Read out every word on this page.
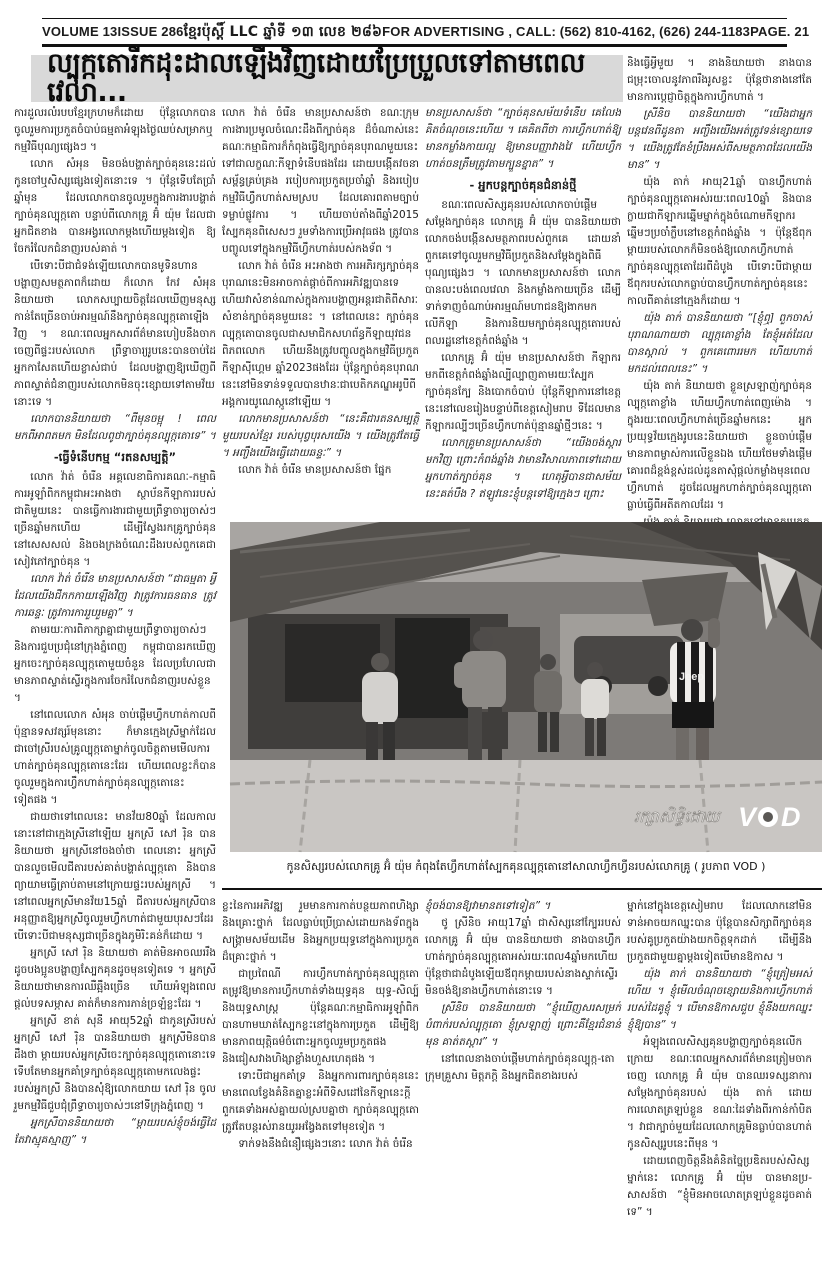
VOLUME 13 ISSUE 286 ខ្មែរប៉ុស្តិ៍ LLC ឆ្នាំទី ១៣ លេខ ២៨៦ FOR ADVERTISING , CALL: (562) 810-4162, (626) 244-1183 PAGE. 21
ល្បុក្កតោរីកដុះដាលឡើងវិញដោយប្រែប្រួលទៅតាមពេលវេលា...

ការដួលរលំរបបខ្មែរក្រហមក៏ដោយ ប៉ុន្តែលោកបានចូលរួមការប្រកួតចំបាប់ធម្មតាអំឡុងថ្ងៃឈប់សម្រាកឬកម្មវិធីបុណ្យផ្សេងៗ ។

លោក សំអុន មិនចង់បង្ហាត់ក្បាច់គុននេះដល់កូនចៅឬសិស្សផ្សេងទៀតនោះទេ ។ ប៉ុន្តែទើបតែប្រាំឆ្នាំមុន ដែលលោកបានចូលរួមក្នុងការងារបង្ហាត់ក្បាច់គុនល្បុក្កតោ បន្ទាប់ពីលោកគ្រូ អ៊ំ យ៉ុម ដែលជាអ្នកជិតខាង បានអង្វរលោកម្ដងហើយម្ដងទៀត ឱ្យចែករំលែកជំនាញរបស់គាត់ ។

បើទោះបីជាជំទង់ឡើយលោកបានមូទិនហានបង្ហាញសមត្ថភាពក៏ដោយ ក៏លោក កែវ សំអុន និយាយថា លោកសប្បាយចិត្តដែលឃើញមនុស្សកាន់តែច្រើនចាប់អារម្មណ៍នឹងក្បាច់គុនល្បុក្កតោឡើងវិញ ។ ខណៈពេលអ្នកសារព័ត៌មានហៀបនឹងចាកចេញពីផ្ទះរបស់លោក ព្រឹទ្ធាចារ្យរូបនេះបានចាប់ដៃអ្នកកាសែតហើយខ្លាស់ជាប់ ដែលបង្ហាញឱ្យឃើញពីភាពស្ទាត់ជំនាញរបស់លោកមិនចុះខ្សោយទៅតាមវ័យនោះទេ ។

លោកបាននិយាយថា “ពីមុនចម្អុ ! ពេលមកពីអាពតមក មិនដែលពូថាក្បាច់គុនល្បុក្កតោទេ” ។

-ធ្វើទំនើបកម្ម “រតនសម្បត្តិ”

លោក វ៉ាត់ ចំរើន អគ្គលេខាធិការគណៈ-កម្មាធិការអូឡាំពិកកម្ពុជាអះអាងថា ស្ថាប័នកីឡាការរបស់ជាតិមួយនេះ បានធ្វើការងារជាមួយព្រឹទ្ធាចារ្យចាស់ៗច្រើនឆ្នាំមកហើយ ដើម្បីស្វែងរកគ្រូក្បាច់គុននៅសេសសល់ និងចងក្រងចំណេះដឹងរបស់ពួកគេជាសៀវភៅក្បាច់គុន ។

លោក វ៉ាត់ ចំរើន មានប្រសាសន៍ថា “ជាធម្មតា អ្វីដែលយើងជីកកកាយឡើងវិញ វាត្រូវការធនធាន ត្រូវការឆន្ទៈ ត្រូវការការរួបរួមគ្នា” ។

តាមរយៈការពិភាក្សាគ្នាជាមួយព្រឹទ្ធាចារ្យចាស់ៗ និងការជួបប្រជុំនៅក្រុងភ្នំពេញ កម្ពុជាបានរកឃើញអ្នកចេះក្បាច់គុនល្បុក្កតោមួយចំនួន ដែលប្រហែលជាមានភាពស្ទាត់ស្ទើរក្នុងការចែករំលែកជំនាញរបស់ខ្លួន ។

នៅពេលលោក សំអុន ចាប់ផ្ដើមហ្វឹកហាត់កាលពីប៉ុន្មានទសវត្សរ៍មុននោះ ក៏មានក្មេងស្រីម្នាក់ដែលជាចៅស្រីរបស់គ្រូល្បុក្កតោម្នាក់ចូលចិត្តតាមមើលការហាត់ក្បាច់គុនល្បុក្កតោនេះដែរ ហើយពេលខ្លះក៏បានចូលរួមក្នុងការហ្វឹកហាត់ក្បាច់គុនល្បុក្កតោនេះទៀតផង ។

ជាយថាទៅពេលនេះ មានវ័យ80ឆ្នាំ ដែលកាលនោះនៅជាក្មេងស្រីនៅឡើយ អ្នកស្រី សៅ រ៉ិន បាននិយាយថា អ្នកស្រីនៅចងចាំថា ពេលនោះ អ្នកស្រីបានលួចមើលជីតារបស់គាត់បង្ហាត់ល្បុក្កតោ និងបានព្យាយាមធ្វើត្រាប់តាមនៅក្រោយផ្ទះរបស់អ្នកស្រី ។ នៅពេលអ្នកស្រីមានវ័យ15ឆ្នាំ ជីតារបស់អ្នកស្រីបានអនុញ្ញាតឱ្យអ្នកស្រីចូលរួមហ្វឹកហាត់ជាមួយបុរសៗដែរ បើទោះបីជាមនុស្សជាច្រើនក្នុងភូមិរិះគន់ក៏ដោយ ។

អ្នកស្រី សៅ រ៉ិន និយាយថា គាត់មិនអាចឈររឹងដូចបងប្អូនបង្ហាញស្បែកគុនដូចមុនទៀតទេ ។ អ្នកស្រីនិយាយថាមានការឈឺឆ្អឹងច្រើន ហើយអំឡុងពេលផ្ដល់បទសម្ភាស គាត់ក៏មានការភាន់ច្រឡំខ្លះដែរ ។

អ្នកស្រី ខាត់ សុនី អាយុ52ឆ្នាំ ជាកូនស្រីរបស់អ្នកស្រី សៅ រ៉ិន បាននិយាយថា អ្នកស្រីមិនបានដឹងថា ម្ដាយរបស់អ្នកស្រីចេះក្បាច់គុនល្បុក្កតោនោះទេ ទើបតែមានអ្នកគាំទ្រក្បាច់គុនល្បុក្កតោមកលេងផ្ទះរបស់អ្នកស្រី និងបានសុំឱ្យលោកយាយ សៅ រ៉ិន ចូលរួមកម្មវិធីជួបជុំព្រឹទ្ធាចារ្យចាស់ៗនៅទីក្រុងភ្នំពេញ ។

អ្នកស្រីបាននិយាយថា “ម្ដាយរបស់ខ្ញុំចង់ធ្វើដៃ តែវាស្មុគស្មាញ” ។

លោក វ៉ាត់ ចំរើន មានប្រសាសន៍ថា ខណៈក្រុមការងារប្រមូលចំណេះដឹងពីក្បាច់គុន ដ៏ចំណាស់នេះ គណៈកម្មាធិការក៏កំពុងធ្វើឱ្យក្បាច់គុនបុរាណមួយនេះទៅជាលក្ខណៈកីឡាទំនើបផងដែរ ដោយបង្កើតវចនាសម្ព័ន្ធគ្រប់គ្រង របៀបការប្រកួតប្រចាំឆ្នាំ និងរបៀបកម្មវិធីហ្វឹកហាត់សមស្រប ដែលគោរពតាមច្បាប់ទម្លាប់ផ្លូវការ ។ ហើយចាប់តាំងពីឆ្នាំ2015 ស្បែកគុនពិសេសៗ រួមទាំងការប្រើអាវុធផង ត្រូវបានបញ្ចូលទៅក្នុងកម្មវិធីហ្វឹកហាត់របស់កងទ័ព ។

លោក វ៉ាត់ ចំរើន អះអាងថា ការអភិរក្សក្បាច់គុនបុរាណនេះមិនអាចកាត់ផ្ដាច់ពីការអភិវឌ្ឍបានទេ ហើយវាសំខាន់ណាស់ក្នុងការបង្ហាញអន្តរជាតិពីសារៈសំខាន់ក្បាច់គុនមួយនេះ ។ នៅពេលនេះ ក្បាច់គុនល្បុក្កតោបានចូលជាសមាជិកសហព័ន្ធកីឡាយុវជនពិភពលោក ហើយនឹងត្រូវបញ្ចូលក្នុងកម្មវិធីប្រកួតកីឡាស៊ីហ្គេម ឆ្នាំ2023ផងដែរ ប៉ុន្តែក្បាច់គុនបុរាណនេះនៅមិនទាន់ទទួលបានឋានៈជាបេតិកភណ្ឌអរូបីពីអង្គការយូណេស្កូនៅឡើយ ។

លោកមានប្រសាសន៍ថា “នេះគឺជារតនសម្បត្តិមួយរបស់ខ្មែរ របស់បុព្វបុរសយើង ។ យើងត្រូវតែធ្វើ ។ អញ្ចឹងយើងធ្វើដោយឆន្ទៈ” ។

លោក វ៉ាត់ ចំរើន មានប្រសាសន៍ថា ផ្នែក

មានប្រសាសន៍ថា “ក្បាច់គុនសម័យទំនើប គេលែងគិតចំណុចនេះហើយ ។ គេគិតពីថា ការហ្វឹកហាត់ឱ្យមានកម្លាំងកាយល្អ ឱ្យមានបញ្ញាវាងវៃ ហើយហ្វឹកហាត់ចនត្រឹមត្រូវតាមក្បួនខ្នាត” ។

- អ្នកបន្តក្បាច់គុនជំនាន់ថ្មី

ខណៈពេលសិស្សគុនរបស់លោកចាប់ផ្ដើមសម្ដែងក្បាច់គុន លោកគ្រូ អ៊ំ យ៉ុម បាននិយាយថា លោកចង់បង្កើនសមត្ថភាពរបស់ពួកគេ ដោយនាំពួកគេទៅចូលរួមកម្មវិធីប្រកួតនិងសម្ដែងក្នុងពិធីបុណ្យផ្សេងៗ ។ លោកមានប្រសាសន៍ថា លោកបានលះបង់ពេលវេលា និងកម្លាំងកាយច្រើន ដើម្បីទាក់ទាញចំណាប់អារម្មណ៍មហាជនឱ្យងាកមកលើកីឡា និងការនិយមក្បាច់គុនល្បុក្កតោរបស់ពលរដ្ឋនៅខេត្តកំពង់ឆ្នាំង ។

លោកគ្រូ អ៊ំ យ៉ុម មានប្រសាសន៍ថា កីឡាករមកពីខេត្តកំពង់ឆ្នាំងល្បីល្បាញតាមរយៈស្បែកក្បាច់គុនក្បែ និងបោកចំបាប់ ប៉ុន្តែកីឡាការនៅខេត្តនេះនៅលេខរៀងបន្ទាប់ពីខេត្តសៀមរាប ទីដែលមានកីឡាករល្បីៗច្រើនហ្វឹកហាត់ប៉ុន្មានឆ្នាំថ្មីៗនេះ ។

លោកគ្រូមានប្រសាសន៍ថា “យើងចង់ស្ដារមកវិញ ព្រោះកំពង់ឆ្នាំង វាមានវិសាលភាពទៅដោយអ្នកហាត់ក្បាច់គុន ។ ហេតុអ្វីបានជាសម័យនេះគត់បឹង ? ឥឡូវនេះខ្ញុំបន្តទៅឱ្យក្មេងៗ ព្រោះ

និងធ្វើអ្វីមួយ ។ នាងនិយាយថា នាងបានជម្រុះចោលនូវភាពរឹងរូសខ្លះ ប៉ុន្តែថានាងនៅតែមានការប្ដេជ្ញាចិត្តក្នុងការហ្វឹកហាត់ ។

ស្រីនិច បាននិយាយថា “យើងជាអ្នកបន្តវេនពីដូនតា អញ្ចឹងយើងអត់ត្រូវទន់ខ្សោយទេ ។ យើងត្រូវតែខំប្រឹងអស់ពីសមត្ថភាពដែលយើងមាន” ។

យ៉ុង តាក់ អាយុ21ឆ្នាំ បានហ្វឹកហាត់ក្បាច់គុនល្បុក្កតោអស់រយៈពេល10ឆ្នាំ និងបានក្លាយជាកីឡាករឆ្នើមម្នាក់ក្នុងចំណោមកីឡាករឆ្នើមៗប្រចាំក្លឹបនៅខេត្តកំពង់ឆ្នាំង ។ ប៉ុន្តែឪពុកម្ដាយរបស់លោកក៏មិនចង់ឱ្យលោកហ្វឹកហាត់ក្បាច់គុនល្បុក្កតោដែរពីដំបូង បើទោះបីជាម្ដាយឪពុករបស់លោកធ្លាប់បានហ្វឹកហាត់ក្បាច់គុននេះកាលពីគាត់នៅក្មេងក៏ដោយ ។

យ៉ុង តាក់ បាននិយាយថា “[ខ្ញុំឮ] ពួកចាស់បុរាណណាយថា ល្បុក្កតោខ្លាំង តែខ្ញុំអត់ដែលបានស្គាល់ ។ ពួកគេពោររមក ហើយហាត់មកដល់ពេលនេះ” ។

យ៉ុង តាក់ និយាយថា ខ្លួនស្រឡាញ់ក្បាច់គុនល្បុក្កតោខ្លាំង ហើយហ្វឹកហាត់ពេញម៉ោង ។ ក្នុងរយៈពេលហ្វឹកហាត់ច្រើនឆ្នាំមកនេះ អ្នកប្រយុទ្ធវ័យក្មេងរូបនេះនិយាយថា ខ្លួនចាប់ផ្ដើមមានភាពម្ចាស់ការលើខ្លួនឯង ហើយថែមទាំងផ្ដើមគោរពដ៏ខ្ពង់ខ្ពស់ដល់ដូនតាសុំផ្ដល់កម្លាំងមុនពេលហ្វឹកហាត់ ដូចដែលអ្នកហាត់ក្បាច់គុនល្បុក្កតោធ្លាប់ធ្វើពីអតីតកាលដែរ ។

Jeep
រក្សាសិទ្ធិដោយ V D
កូនសិស្សរបស់លោកគ្រូ អ៊ំ យ៉ុម កំពុងតែហ្វឹកហាត់ស្បែកគុនល្បុក្កតោនៅសាលាហ្វឹកហ្វឺនរបស់លោកគ្រូ ( រូបភាព VOD )

ខ្លះនៃការអភិវឌ្ឍ រួមមានការកាត់បន្ថយភាពហិង្សា និងគ្រោះថ្នាក់ ដែលធ្លាប់ប្រើប្រាស់ដោយកងទ័ពក្នុងសង្គ្រាមសម័យដើម និងអ្នកប្រយុទ្ធនៅក្នុងការប្រកួតដ៏គ្រោះថ្នាក់ ។

ជាប្រពៃណី ការហ្វឹកហាត់ក្បាច់គុនល្បុក្កតោតម្រូវឱ្យមានការហ្វឹកហាត់ទាំងយុទ្ធគុន យុទ្ធ-សិល្ប៍ និងយុទ្ធសាស្ត្រ ប៉ុន្តែគណៈកម្មាធិការអូឡាំពិក បានហាមឃាត់ស្បែកខ្លះនៅក្នុងការប្រកួត ដើម្បីឱ្យមានភាពយុត្តិធម៌ចំពោះអ្នកចូលរួមប្រកួតផងនិងជៀសវាងហិង្សាខ្លាំងហួសហេតុផង ។

ទោះបីជាអ្នកគាំទ្រ និងអ្នកការពារក្បាច់គុននេះមានពេលខ្វែងគំនិតគ្នាខ្លះអំពីទិសដៅនៃកីឡានេះក្ដី ពួកគេទាំងអស់គ្នាយល់ស្របគ្នាថា ក្បាច់គុនល្បុក្កតោត្រូវតែបន្តរស់រានយូរអង្វែងតទៅមុខទៀត ។

ទាក់ទងនឹងជំនឿផ្សេងៗនោះ លោក វ៉ាត់ ចំរើន

ខ្ញុំចង់បានឱ្យវាមានតទៅទៀត” ។

ថូ ស្រីនិច អាយុ17ឆ្នាំ ជាសិស្សនៅក្បែររបស់លោកគ្រូ អ៊ំ យ៉ុម បាននិយាយថា នាងបានហ្វឹកហាត់ក្បាច់គុនល្បុក្កតោអស់រយៈពេល4ឆ្នាំមកហើយ ប៉ុន្តែថាជាដំបូងឡើយឪពុកម្ដាយរបស់នាងស្ទាក់ស្ទើរមិនចង់ឱ្យនាងហ្វឹកហាត់នោះទេ ។

ស្រីនិច បាននិយាយថា “ខ្ញុំឃើញសរសម្រក់បំពាក់របស់ល្បុក្កតោ ខ្ញុំស្រឡាញ់ ព្រោះគឺខ្មែរជំនាន់មុន គាត់តស្ដារ” ។

នៅពេលនាងចាប់ផ្ដើមហាត់ក្បាច់គុនល្បុក្ក-តោ ក្រុមគ្រួសារ មិត្តភក្ដិ និងអ្នកជិតខាងរបស់

ម្នាក់នៅក្នុងខេត្តសៀមរាប ដែលលោកនៅមិនទាន់អាចយកឈ្នះបាន ប៉ុន្តែបានសិក្សាពីក្បាច់គុនរបស់គូប្រកួតយ៉ាងយកចិត្តទុកដាក់ ដើម្បីនឹងប្រកួតជាមួយគ្នាម្ដងទៀតបើមានឱកាស ។

យ៉ុង តាក់ បាននិយាយថា “ខ្ញុំត្រៀមអស់ហើយ ។ ខ្ញុំមើលចំណុចខ្សោយនិងការហ្វឹកហាត់របស់ដៃគូខ្ញុំ ។ បើមានឱកាសជួប ខ្ញុំនឹងយកឈ្នះខ្ញុំឱ្យបាន” ។

អំឡុងពេលសិស្សគុនបង្ហាញក្បាច់គុនលើកក្រោយ ខណៈពេលអ្នកសារព័ត៌មានត្រៀមចាកចេញ លោកគ្រូ អ៊ំ យ៉ុម បានឈរទស្សនាការសម្ដែងក្បាច់គុនរបស់ យ៉ុង តាក់ ដោយការលោតត្រឡប់ខ្លួន ខណៈដៃទាំងពីរកាន់កាំបិត ។ វាជាក្បាច់មួយដែលលោកគ្រូមិនធ្លាប់បានហាត់កូនសិស្សរូបនេះពីមុន ។

ដោយពេញចិត្តនឹងគំនិតច្នៃប្រឌិតរបស់សិស្សម្នាក់នេះ លោកគ្រូ អ៊ំ យ៉ុម បានមានប្រ-សាសន៍ថា “ខ្ញុំមិនអាចលោតត្រឡប់ខ្លួនដូចគាត់ទេ” ។
